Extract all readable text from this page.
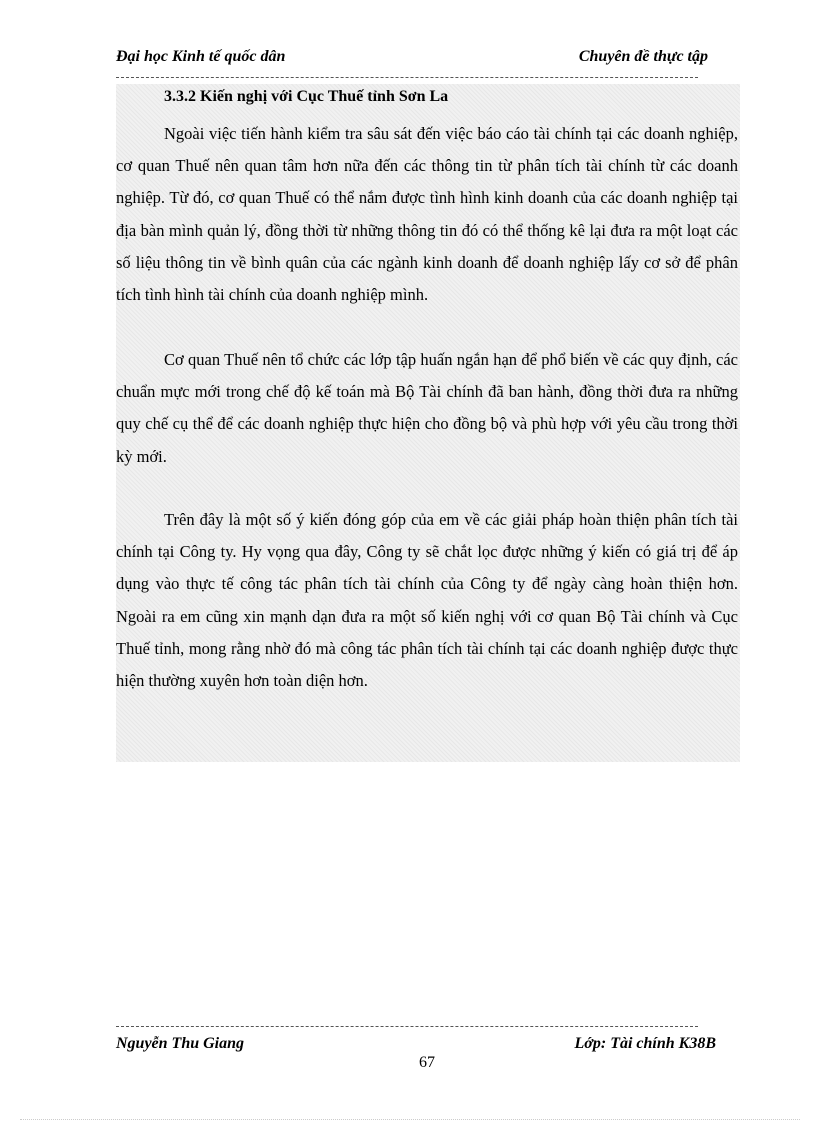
Đại học Kinh tế quốc dân	Chuyên đề thực tập
3.3.2 Kiến nghị với Cục Thuế tỉnh Sơn La
Ngoài việc tiến hành kiểm tra sâu sát đến việc báo cáo tài chính tại các doanh nghiệp, cơ quan Thuế nên quan tâm hơn nữa đến các thông tin từ phân tích tài chính từ các doanh nghiệp. Từ đó, cơ quan Thuế có thể nắm được tình hình kinh doanh của các doanh nghiệp tại địa bàn mình quản lý, đồng thời từ những thông tin đó có thể thống kê lại đưa ra một loạt các số liệu thông tin về bình quân của các ngành kinh doanh để doanh nghiệp lấy cơ sở để phân tích tình hình tài chính của doanh nghiệp mình.
Cơ quan Thuế nên tổ chức các lớp tập huấn ngắn hạn để phổ biến về các quy định, các chuẩn mực mới trong chế độ kế toán mà Bộ Tài chính đã ban hành, đồng thời đưa ra những quy chế cụ thể để các doanh nghiệp thực hiện cho đồng bộ và phù hợp với yêu cầu trong thời kỳ mới.
Trên đây là một số ý kiến đóng góp của em về các giải pháp hoàn thiện phân tích tài chính tại Công ty. Hy vọng qua đây, Công ty sẽ chắt lọc được những ý kiến có giá trị để áp dụng vào thực tế công tác phân tích tài chính của Công ty để ngày càng hoàn thiện hơn. Ngoài ra em cũng xin mạnh dạn đưa ra một số kiến nghị với cơ quan Bộ Tài chính và Cục Thuế tỉnh, mong rằng nhờ đó mà công tác phân tích tài chính tại các doanh nghiệp được thực hiện thường xuyên hơn toàn diện hơn.
Nguyễn Thu Giang	Lớp: Tài chính K38B
67
